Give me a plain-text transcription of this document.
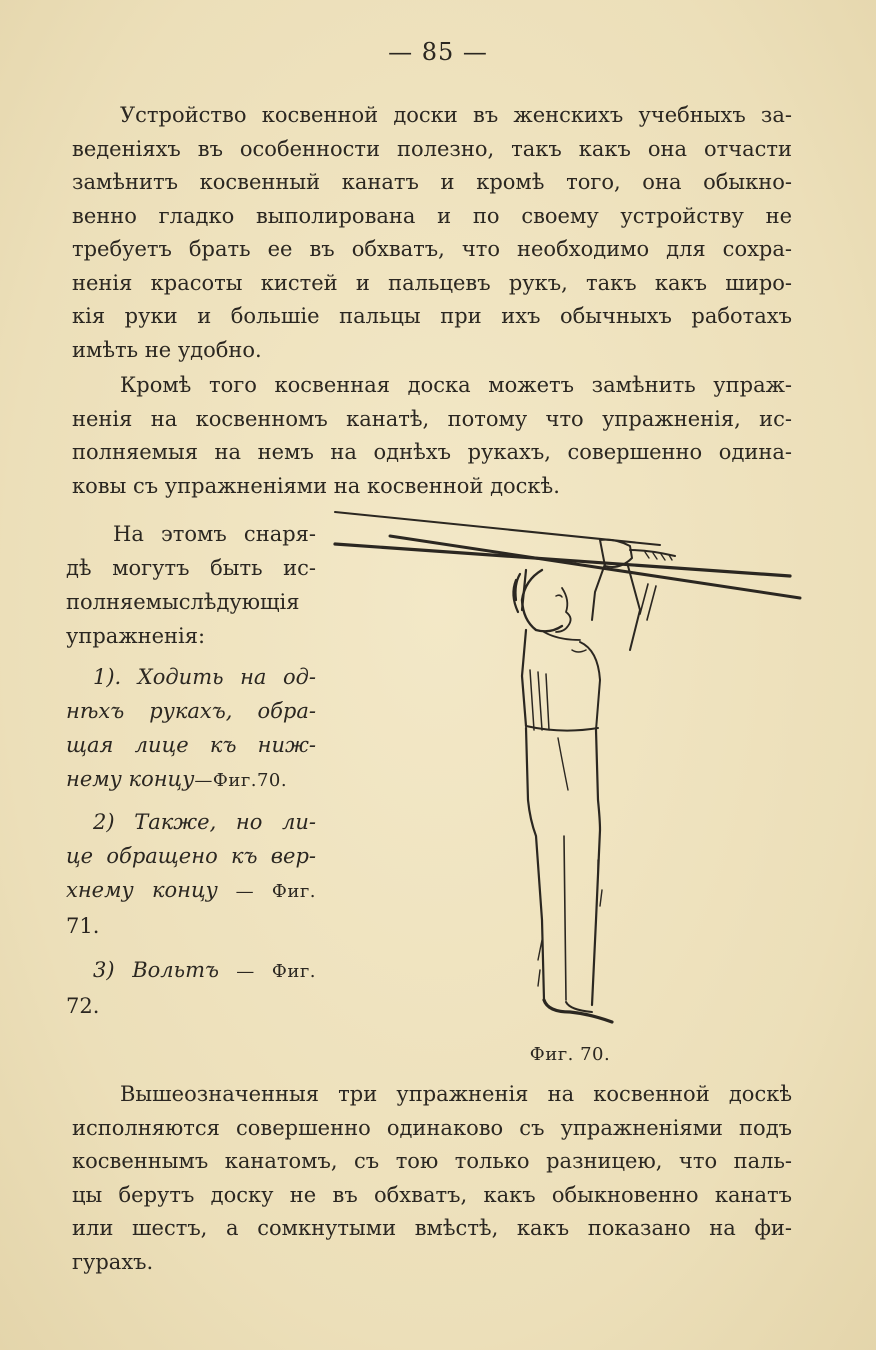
— 85 —
Устройство косвенной доски въ женскихъ учебныхъ за-
веденіяхъ въ особенности полезно, такъ какъ она отчасти
замѣнитъ косвенный канатъ и кромѣ того, она обыкно-
венно гладко выполирована и по своему устройству не
требуетъ брать ее въ обхватъ, что необходимо для сохра-
ненія красоты кистей и пальцевъ рукъ, такъ какъ широ-
кія руки и большіе пальцы при ихъ обычныхъ работахъ
имѣть не удобно.
Кромѣ того косвенная доска можетъ замѣнить упраж-
ненія на косвенномъ канатѣ, потому что упражненія, ис-
полняемыя на немъ на однѣхъ рукахъ, совершенно одина-
ковы съ упражненіями на косвенной доскѣ.
На этомъ снаря-
дѣ могутъ быть ис-
полняемыслѣдующія
упражненія:
1). Ходить на од-
нѣхъ рукахъ, обра-
щая лице къ ниж-
нему концу—Фиг.70.
2) Также, но ли-
це обращено къ вер-
хнему концу — Фиг.
71.
3) Вольтъ — Фиг.
72.
Фиг. 70.
Вышеозначенныя три упражненія на косвенной доскѣ
исполняются совершенно одинаково съ упражненіями подъ
косвеннымъ канатомъ, съ тою только разницею, что паль-
цы берутъ доску не въ обхватъ, какъ обыкновенно канатъ
или шестъ, а сомкнутыми вмѣстѣ, какъ показано на фи-
гурахъ.
